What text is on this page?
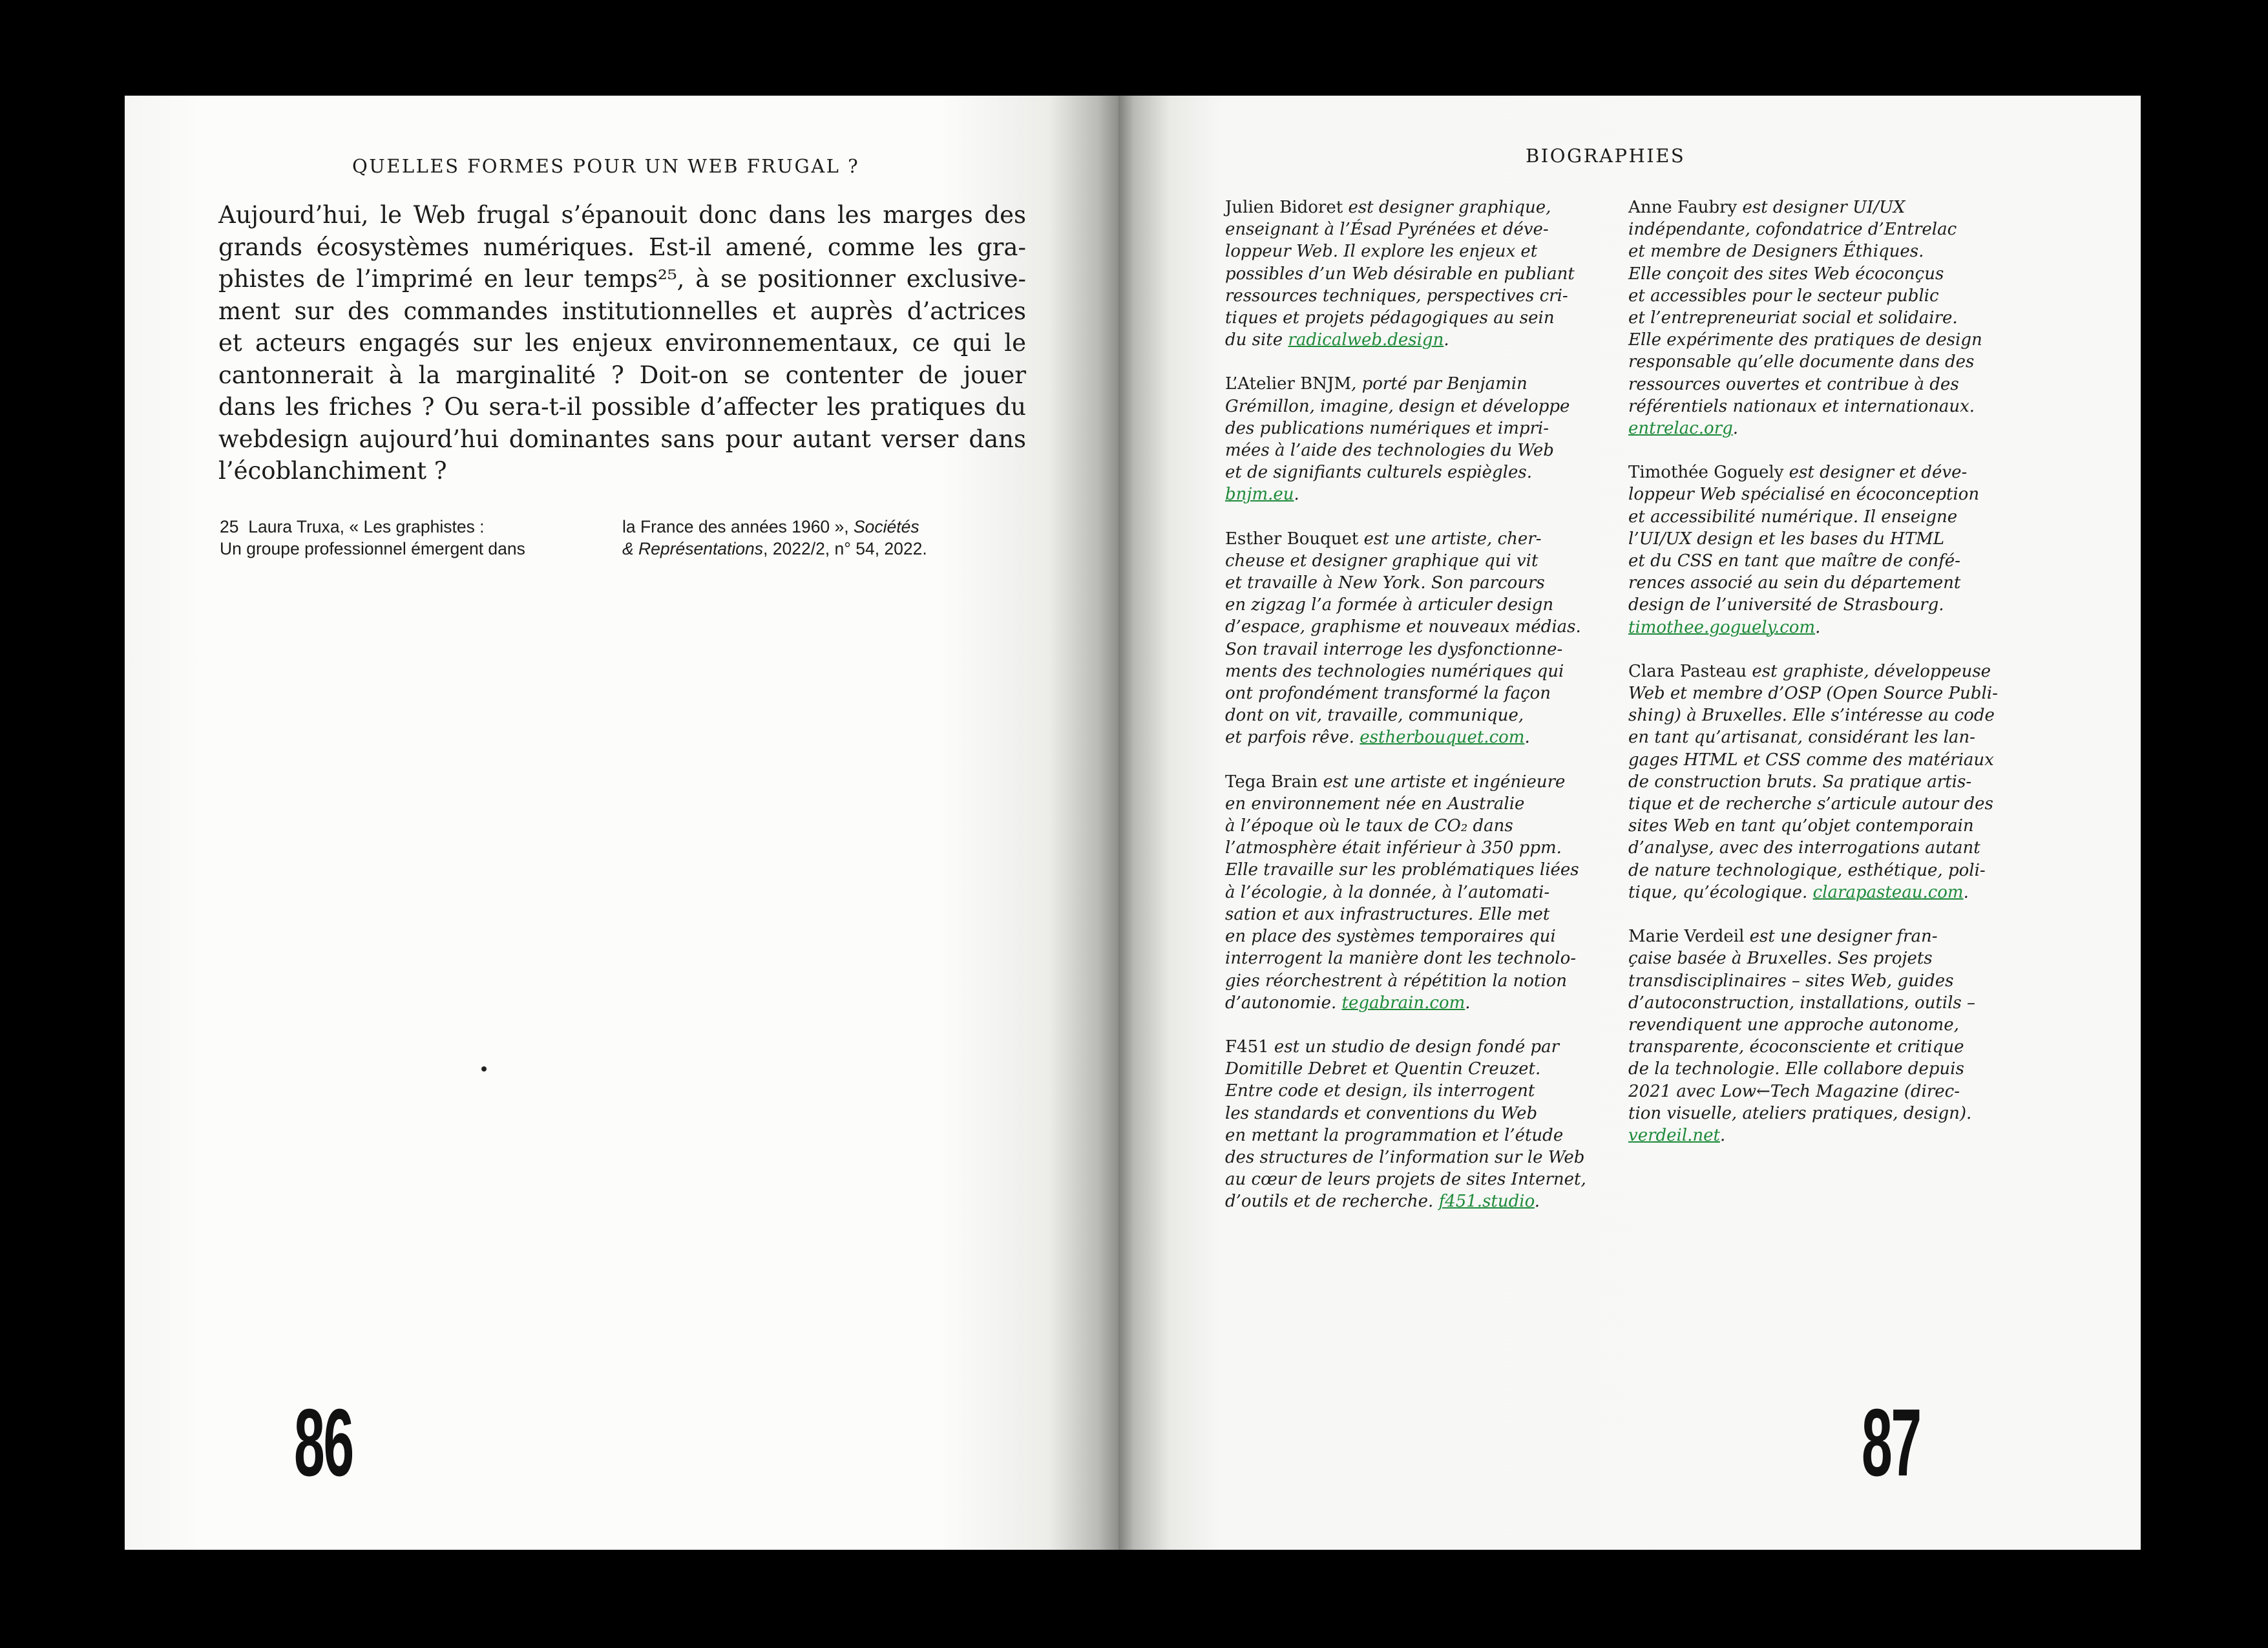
QUELLES FORMES POUR UN WEB FRUGAL ?
Aujourd’hui, le Web frugal s’épanouit donc dans les marges des
grands écosystèmes numériques. Est-il amené, comme les gra-
phistes de l’imprimé en leur temps²⁵, à se positionner exclusive-
ment sur des commandes institutionnelles et auprès d’actrices
et acteurs engagés sur les enjeux environnementaux, ce qui le
cantonnerait à la marginalité ? Doit-on se contenter de jouer
dans les friches ? Ou sera-t-il possible d’affecter les pratiques du
webdesign aujourd’hui dominantes sans pour autant verser dans
l’écoblanchiment ?
25 Laura Truxa, « Les graphistes :
Un groupe professionnel émergent dans
la France des années 1960 », Sociétés
& Représentations, 2022/2, n° 54, 2022.

86
BIOGRAPHIES
Julien Bidoret est designer graphique,
enseignant à l’Ésad Pyrénées et déve-
loppeur Web. Il explore les enjeux et
possibles d’un Web désirable en publiant
ressources techniques, perspectives cri-
tiques et projets pédagogiques au sein
du site radicalweb.design.
L’Atelier BNJM, porté par Benjamin
Grémillon, imagine, design et développe
des publications numériques et impri-
mées à l’aide des technologies du Web
et de signifiants culturels espiègles.
bnjm.eu.
Esther Bouquet est une artiste, cher-
cheuse et designer graphique qui vit
et travaille à New York. Son parcours
en zigzag l’a formée à articuler design
d’espace, graphisme et nouveaux médias.
Son travail interroge les dysfonctionne-
ments des technologies numériques qui
ont profondément transformé la façon
dont on vit, travaille, communique,
et parfois rêve. estherbouquet.com.
Tega Brain est une artiste et ingénieure
en environnement née en Australie
à l’époque où le taux de CO₂ dans
l’atmosphère était inférieur à 350 ppm.
Elle travaille sur les problématiques liées
à l’écologie, à la donnée, à l’automati-
sation et aux infrastructures. Elle met
en place des systèmes temporaires qui
interrogent la manière dont les technolo-
gies réorchestrent à répétition la notion
d’autonomie. tegabrain.com.
F451 est un studio de design fondé par
Domitille Debret et Quentin Creuzet.
Entre code et design, ils interrogent
les standards et conventions du Web
en mettant la programmation et l’étude
des structures de l’information sur le Web
au cœur de leurs projets de sites Internet,
d’outils et de recherche. f451.studio.
Anne Faubry est designer UI/UX
indépendante, cofondatrice d’Entrelac
et membre de Designers Éthiques.
Elle conçoit des sites Web écoconçus
et accessibles pour le secteur public
et l’entrepreneuriat social et solidaire.
Elle expérimente des pratiques de design
responsable qu’elle documente dans des
ressources ouvertes et contribue à des
référentiels nationaux et internationaux.
entrelac.org.
Timothée Goguely est designer et déve-
loppeur Web spécialisé en écoconception
et accessibilité numérique. Il enseigne
l’UI/UX design et les bases du HTML
et du CSS en tant que maître de confé-
rences associé au sein du département
design de l’université de Strasbourg.
timothee.goguely.com.
Clara Pasteau est graphiste, développeuse
Web et membre d’OSP (Open Source Publi-
shing) à Bruxelles. Elle s’intéresse au code
en tant qu’artisanat, considérant les lan-
gages HTML et CSS comme des matériaux
de construction bruts. Sa pratique artis-
tique et de recherche s’articule autour des
sites Web en tant qu’objet contemporain
d’analyse, avec des interrogations autant
de nature technologique, esthétique, poli-
tique, qu’écologique. clarapasteau.com.
Marie Verdeil est une designer fran-
çaise basée à Bruxelles. Ses projets
transdisciplinaires – sites Web, guides
d’autoconstruction, installations, outils –
revendiquent une approche autonome,
transparente, écoconsciente et critique
de la technologie. Elle collabore depuis
2021 avec Low←Tech Magazine (direc-
tion visuelle, ateliers pratiques, design).
verdeil.net.
87
